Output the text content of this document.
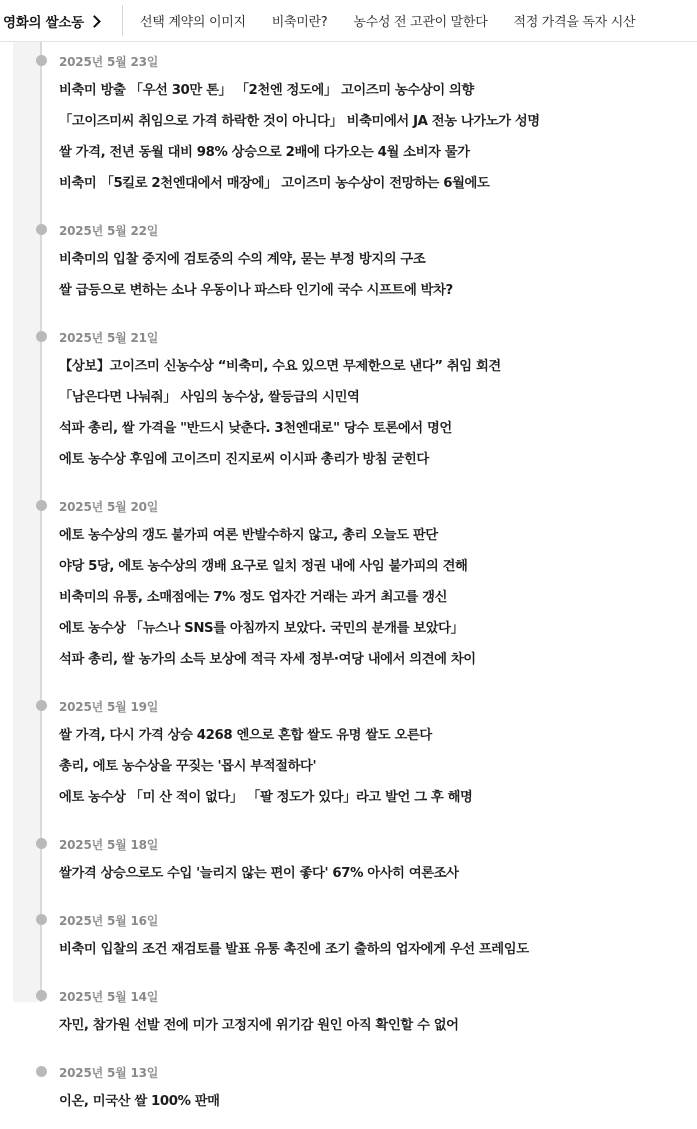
영화의 쌀소동	선택 계약의 이미지 비축미란? 농수성 전 고관이 말한다 적정 가격을 독자 시산
2025년 5월 23일
비축미 방출 「우선 30만 톤」 「2천엔 정도에」 고이즈미 농수상이 의향
「고이즈미씨 취임으로 가격 하락한 것이 아니다」 비축미에서 JA 전농 나가노가 성명
쌀 가격, 전년 동월 대비 98% 상승으로 2배에 다가오는 4월 소비자 물가
비축미 「5킬로 2천엔대에서 매장에」 고이즈미 농수상이 전망하는 6월에도
2025년 5월 22일
비축미의 입찰 중지에 검토중의 수의 계약, 묻는 부정 방지의 구조
쌀 급등으로 변하는 소나 우동이나 파스타 인기에 국수 시프트에 박차?
2025년 5월 21일
【상보】고이즈미 신농수상 “비축미, 수요 있으면 무제한으로 낸다” 취임 회견
「남은다면 나눠줘」 사임의 농수상, 쌀등급의 시민역
석파 총리, 쌀 가격을 "반드시 낮춘다. 3천엔대로" 당수 토론에서 명언
에토 농수상 후임에 고이즈미 진지로씨 이시파 총리가 방침 굳힌다
2025년 5월 20일
에토 농수상의 갱도 불가피 여론 반발수하지 않고, 총리 오늘도 판단
야당 5당, 에토 농수상의 갱배 요구로 일치 정권 내에 사임 불가피의 견해
비축미의 유통, 소매점에는 7% 정도 업자간 거래는 과거 최고를 갱신
에토 농수상 「뉴스나 SNS를 아침까지 보았다. 국민의 분개를 보았다」
석파 총리, 쌀 농가의 소득 보상에 적극 자세 정부·여당 내에서 의견에 차이
2025년 5월 19일
쌀 가격, 다시 가격 상승 4268 엔으로 혼합 쌀도 유명 쌀도 오른다
총리, 에토 농수상을 꾸짖는 '몹시 부적절하다'
에토 농수상 「미 산 적이 없다」 「팔 정도가 있다」라고 발언 그 후 해명
2025년 5월 18일
쌀가격 상승으로도 수입 '늘리지 않는 편이 좋다' 67% 아사히 여론조사
2025년 5월 16일
비축미 입찰의 조건 재검토를 발표 유통 촉진에 조기 출하의 업자에게 우선 프레임도
2025년 5월 14일
자민, 참가원 선발 전에 미가 고정지에 위기감 원인 아직 확인할 수 없어
2025년 5월 13일
이온, 미국산 쌀 100% 판매
